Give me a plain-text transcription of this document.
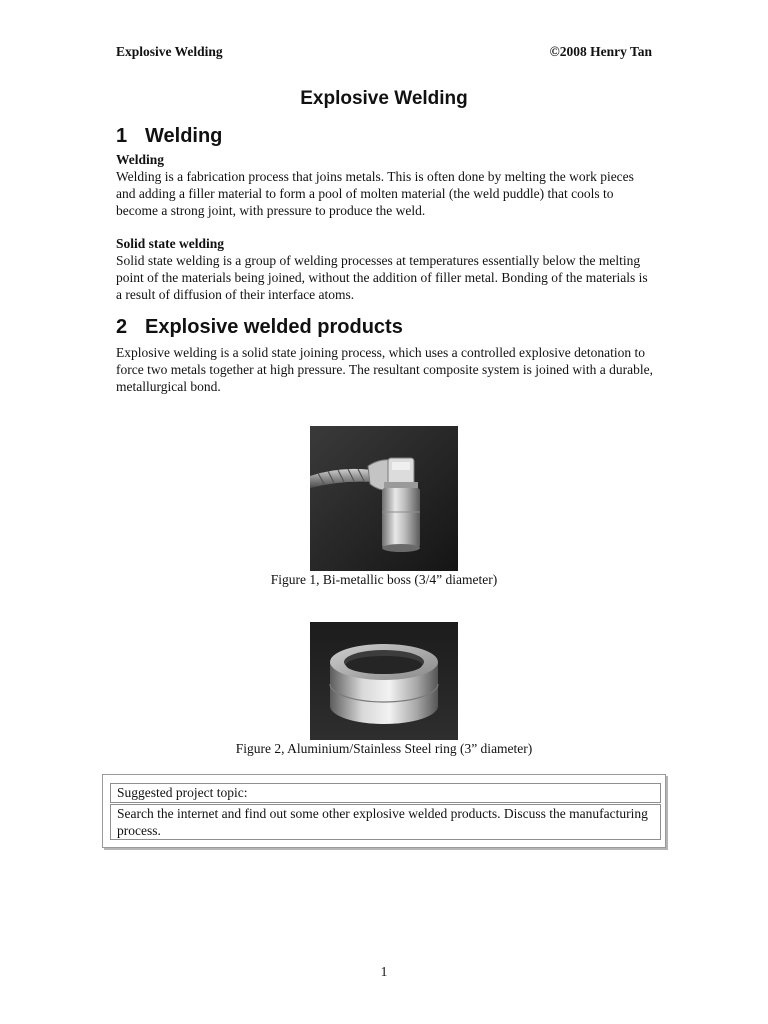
Explosive Welding	©2008 Henry Tan
Explosive Welding
1 Welding
Welding
Welding is a fabrication process that joins metals. This is often done by melting the work pieces and adding a filler material to form a pool of molten material (the weld puddle) that cools to become a strong joint, with pressure to produce the weld.
Solid state welding
Solid state welding is a group of welding processes at temperatures essentially below the melting point of the materials being joined, without the addition of filler metal. Bonding of the materials is a result of diffusion of their interface atoms.
2 Explosive welded products
Explosive welding is a solid state joining process, which uses a controlled explosive detonation to force two metals together at high pressure. The resultant composite system is joined with a durable, metallurgical bond.
Figure 1, Bi-metallic boss (3/4” diameter)
Figure 2, Aluminium/Stainless Steel ring (3” diameter)
Suggested project topic:
Search the internet and find out some other explosive welded products. Discuss the manufacturing process.
1
